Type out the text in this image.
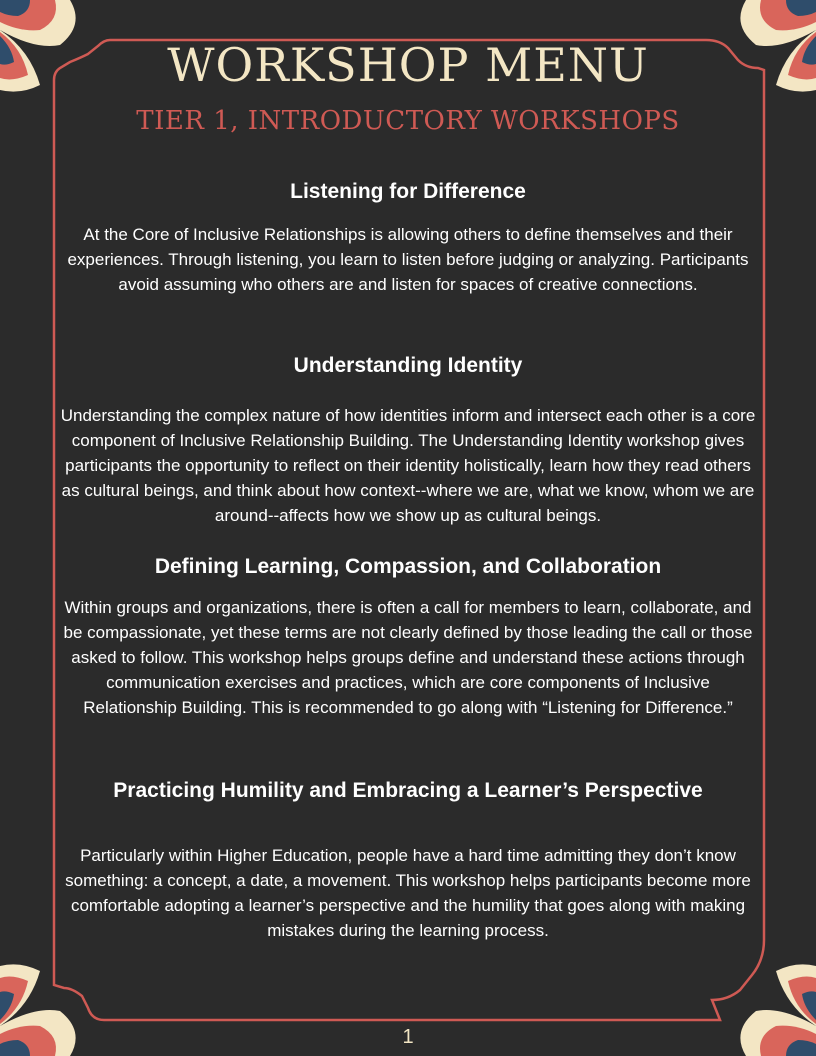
WORKSHOP MENU
TIER 1, INTRODUCTORY WORKSHOPS
Listening for Difference
At the Core of Inclusive Relationships is allowing others to define themselves and their experiences. Through listening, you learn to listen before judging or analyzing. Participants avoid assuming who others are and listen for spaces of creative connections.
Understanding Identity
Understanding the complex nature of how identities inform and intersect each other is a core component of Inclusive Relationship Building. The Understanding Identity workshop gives participants the opportunity to reflect on their identity holistically, learn how they read others as cultural beings, and think about how context--where we are, what we know, whom we are around--affects how we show up as cultural beings.
Defining Learning, Compassion, and Collaboration
Within groups and organizations, there is often a call for members to learn, collaborate, and be compassionate, yet these terms are not clearly defined by those leading the call or those asked to follow. This workshop helps groups define and understand these actions through communication exercises and practices, which are core components of Inclusive Relationship Building. This is recommended to go along with “Listening for Difference.”
Practicing Humility and Embracing a Learner’s Perspective
Particularly within Higher Education, people have a hard time admitting they don’t know something: a concept, a date, a movement. This workshop helps participants become more comfortable adopting a learner’s perspective and the humility that goes along with making mistakes during the learning process.
1
